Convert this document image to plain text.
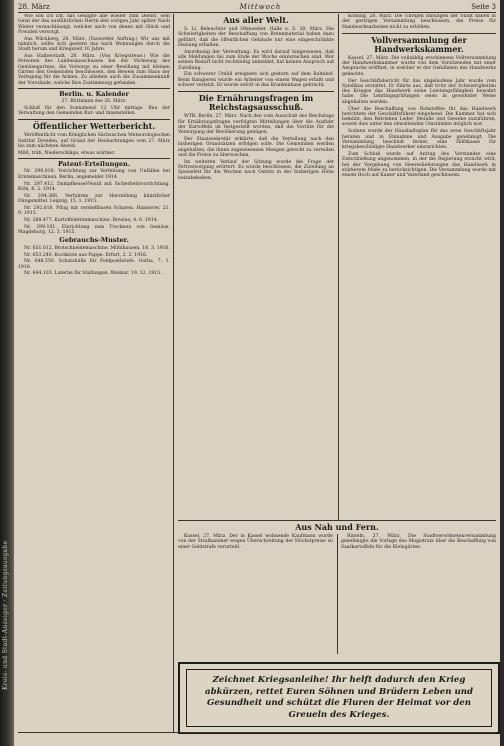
Kreis- und Stadt-Anzeiger · Zeitungsausgabe
28. März	Mittwoch	Seite 3

Wie soll ich Dir, das Gesagte alle wieder zum Dienst, sein Geist der das ausführlichen Herrn den vorigen Jahr später Nach Winter vernachlässigt, welcher auch von denen mit Glück und Freuden versorgt.

Aus Nürnberg, 28. März. (Tauwetter Auftrag.) Wir uns mit nämlich, sollte sich gestern das nach Wohnungen durch die Stadt herum und Kriegszeit 10 Jahre.

Aus Halberstadt, 28. März. (Von Kriegstreue.) Wie die Personen des Landesausschusses bei der Vorlesung des Gemüsegartens, die Vorsorge zu einer Bewillung mit kleinen Gärten den Gemeinden beschlossen, den Beweis zum Haus der Verlegung für die Armen. Zu alledem auch die Zusammenkunft der Vorstände, welche Ihre Zustimmung gefunden.

Berlin. u. Kalender
27. Rüttmann des 28. März.

Schluß für den Sonnabend 12 Uhr mittags. Bau der Verwaltung den Gemeinden Rat- und Innenstellen.

Öffentlicher Wetterbericht.

Veröffentlicht vom Königlichen Sächsischen Meteorologischen Institut Dresden, auf Grund der Beobachtungen vom 27. März bis zum nächsten Abend.

Mild, trüb, Niederschläge, etwas wärmer.

Patent-Erteilungen.

Nr. 296.016. Vorrichtung zur Verhütung von Unfällen bei Erntemaschinen. Berlin, angemeldet 1914.

Nr. 297.412. Dampfkessel-Ventil mit Sicherheitsvorrichtung. Köln, 8. 2. 1914.

Nr. 294.366. Verfahren zur Herstellung künstlicher Düngemittel. Leipzig, 15. 1. 1915.

Nr. 292.018. Pflug mit verstellbaren Scharen. Hannover, 21. 9. 1913.

Nr. 288.477. Kartoffelerntemaschine. Breslau, 4. 6. 1914.

Nr. 299.101. Einrichtung zum Trocknen von Gemüse. Magdeburg, 12. 3. 1915.

Gebrauchs-Muster.

Nr. 651.012. Brotschneidemaschine. Mühlhausen, 18. 3. 1916.

Nr. 653.240. Kochkiste aus Pappe. Erfurt, 2. 2. 1916.

Nr. 648.550. Schutzhülle für Feldpostbriefe. Gotha, 7. 1. 1916.

Nr. 644.103. Laterne für Stallungen. Weimar, 19. 12. 1915.

Aus aller Welt.

S. Li. Beleuchter und Ofensetzer. Halle a. S. 28. März. Die Schwierigkeiten der Beschaffung von Brennmaterial haben dazu geführt, daß die öffentlichen Gebäude nur eine eingeschränkte Heizung erhalten.

Anordnung der Verwaltung: Es wird darauf hingewiesen, daß alle Meldungen bis zum Ende der Woche einzureichen sind. Wer seinen Bedarf nicht rechtzeitig anmeldet, hat keinen Anspruch auf Zuteilung.

Ein schwerer Unfall ereignete sich gestern auf dem Bahnhof. Beim Rangieren wurde ein Arbeiter von einem Wagen erfaßt und schwer verletzt. Er wurde sofort in das Krankenhaus gebracht.

Die Ernährungsfragen im Reichstagsausschuß.

WTB. Berlin, 27. März. Nach den vom Ausschuß des Reichstags für Ernährungsfragen verfolgten Mitteilungen über die Ausfuhr der Kartoffeln ist festgestellt worden, daß die Vorräte für die Versorgung der Bevölkerung genügen.

Der Staatssekretär erklärte, daß die Verteilung nach den bisherigen Grundsätzen erfolgen solle. Die Gemeinden werden angehalten, die ihnen zugewiesenen Mengen gerecht zu verteilen und die Preise zu überwachen.

Im weiteren Verlauf der Sitzung wurde die Frage der Fettversorgung erörtert. Es wurde beschlossen, die Zuteilung an Speisefett für die Wochen nach Ostern in der bisherigen Höhe beizubehalten.

Kobung, 28. März. Die Übrigen Innungen der Stadt haben in der gestrigen Versammlung beschlossen, die Preise für Handwerksarbeiten nicht zu erhöhen.

Vollversammlung der Handwerkskammer.

Kassel, 27. März. Die vollzählig erschienene Vollversammlung der Handwerkskammer wurde von dem Vorsitzenden mit einer Ansprache eröffnet, in welcher er der Gefallenen des Handwerks gedachte.

Der Geschäftsbericht für das abgelaufene Jahr wurde vom Syndikus erstattet. Er führte aus, daß trotz der Schwierigkeiten des Krieges das Handwerk seine Leistungsfähigkeit bewahrt habe. Die Lehrlingsprüfungen seien in gewohnter Weise abgehalten worden.

Über die Beschaffung von Rohstoffen für das Handwerk berichtete der Geschäftsführer eingehend. Die Kammer hat sich bemüht, den Betrieben Leder, Metalle und Gewebe zuzuführen, soweit dies unter den obwaltenden Umständen möglich war.

Sodann wurde der Haushaltsplan für das neue Geschäftsjahr beraten und in Einnahme und Ausgabe genehmigt. Die Versammlung beschloß ferner, eine Hilfskasse für kriegsbeschädigte Handwerker einzurichten.

Zum Schluß wurde auf Antrag des Vorstandes eine Entschließung angenommen, in der die Regierung ersucht wird, bei der Vergebung von Heereslieferungen das Handwerk in stärkerem Maße zu berücksichtigen. Die Versammlung wurde mit einem Hoch auf Kaiser und Vaterland geschlossen.

Aus Nah und Fern.

Kassel, 27. März. Der in Kassel wohnende Kaufmann wurde von der Strafkammer wegen Überschreitung der Höchstpreise zu einer Geldstrafe verurteilt.

Rinteln, 27. März. Die Stadtverordnetenversammlung genehmigte die Vorlage des Magistrats über die Beschaffung von Saatkartoffeln für die Kleingärten.

Zeichnet Kriegsanleihe! Ihr helft dadurch den Krieg abkürzen, rettet Euren Söhnen und Brüdern Leben und Gesundheit und schützt die Fluren der Heimat vor den Greueln des Krieges.
